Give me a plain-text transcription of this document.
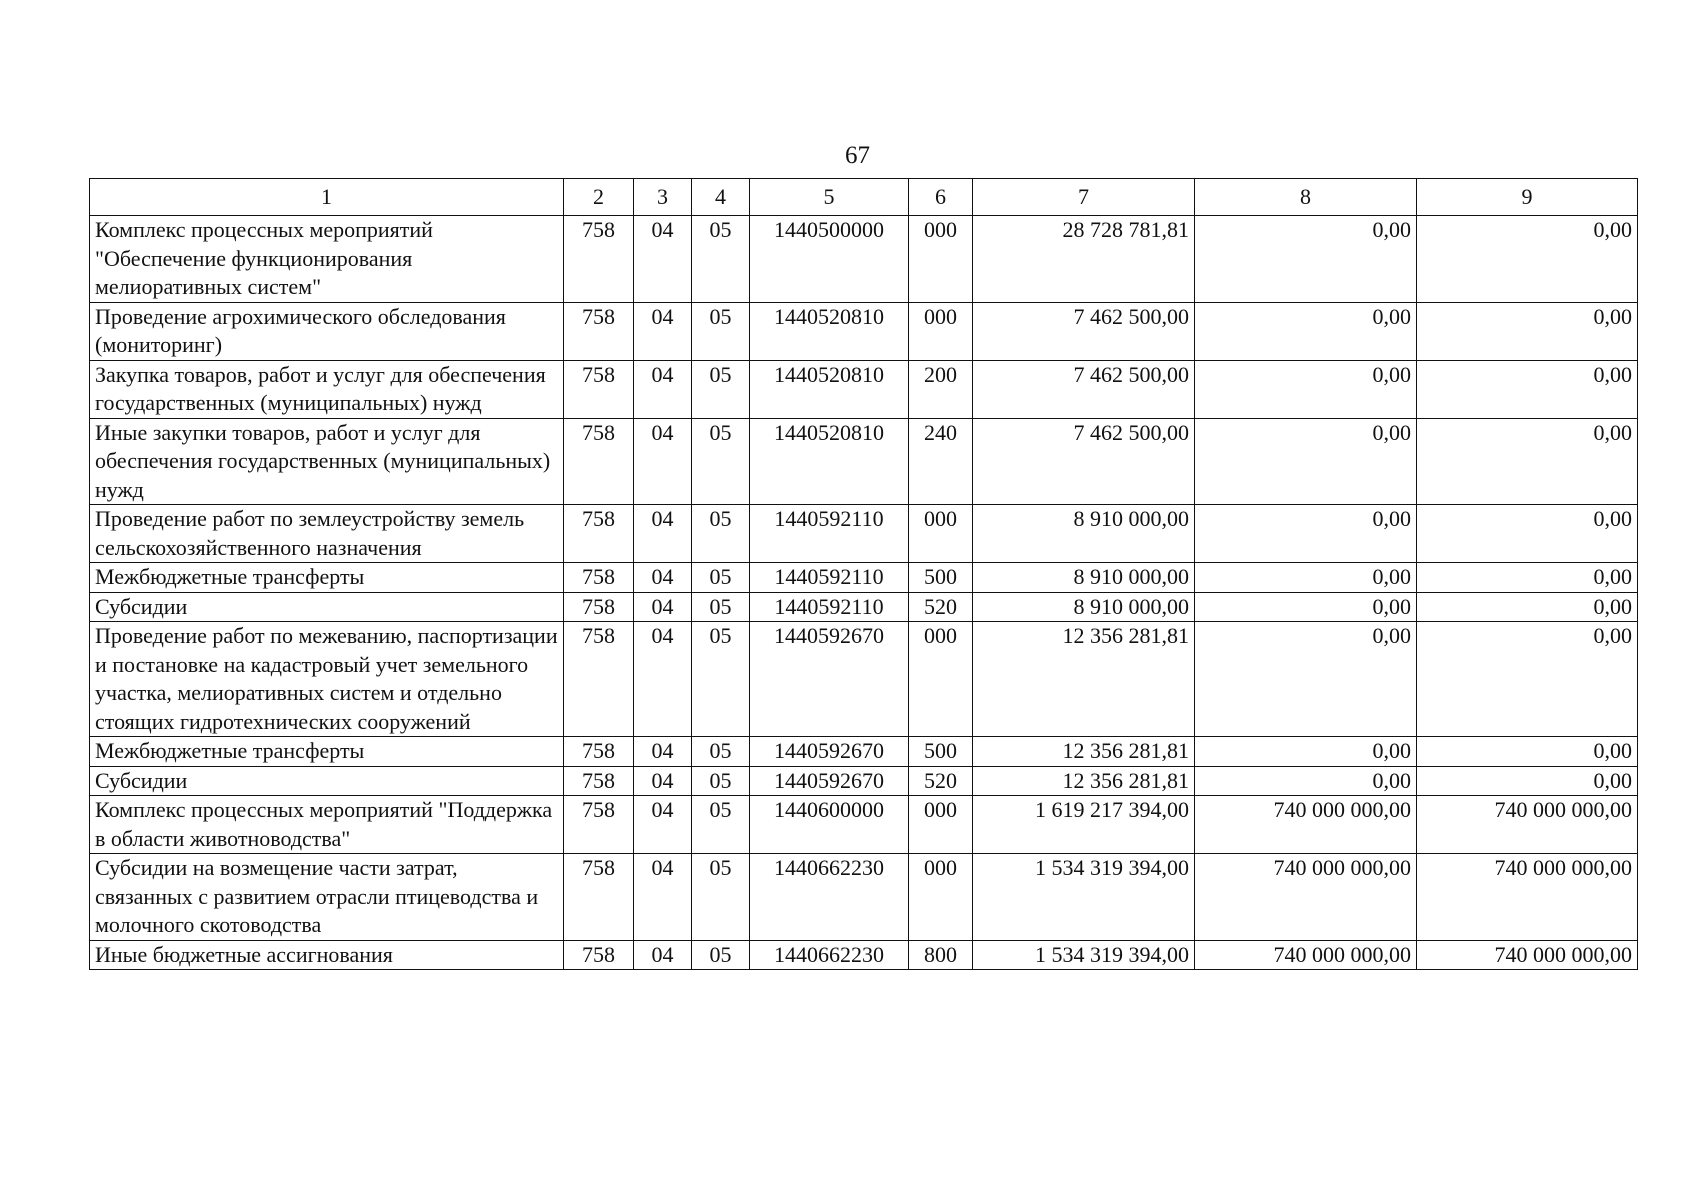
67
1	2	3	4	5	6	7	8	9
Комплекс процессных мероприятий "Обеспечение функционирования мелиоративных систем"	758	04	05	1440500000	000	28 728 781,81	0,00	0,00
Проведение агрохимического обследования (мониторинг)	758	04	05	1440520810	000	7 462 500,00	0,00	0,00
Закупка товаров, работ и услуг для обеспечения государственных (муниципальных) нужд	758	04	05	1440520810	200	7 462 500,00	0,00	0,00
Иные закупки товаров, работ и услуг для обеспечения государственных (муниципальных) нужд	758	04	05	1440520810	240	7 462 500,00	0,00	0,00
Проведение работ по землеустройству земель сельскохозяйственного назначения	758	04	05	1440592110	000	8 910 000,00	0,00	0,00
Межбюджетные трансферты	758	04	05	1440592110	500	8 910 000,00	0,00	0,00
Субсидии	758	04	05	1440592110	520	8 910 000,00	0,00	0,00
Проведение работ по межеванию, паспортизации и постановке на кадастровый учет земельного участка, мелиоративных систем и отдельно стоящих гидротехнических сооружений	758	04	05	1440592670	000	12 356 281,81	0,00	0,00
Межбюджетные трансферты	758	04	05	1440592670	500	12 356 281,81	0,00	0,00
Субсидии	758	04	05	1440592670	520	12 356 281,81	0,00	0,00
Комплекс процессных мероприятий "Поддержка в области животноводства"	758	04	05	1440600000	000	1 619 217 394,00	740 000 000,00	740 000 000,00
Субсидии на возмещение части затрат, связанных с развитием отрасли птицеводства и молочного скотоводства	758	04	05	1440662230	000	1 534 319 394,00	740 000 000,00	740 000 000,00
Иные бюджетные ассигнования	758	04	05	1440662230	800	1 534 319 394,00	740 000 000,00	740 000 000,00
